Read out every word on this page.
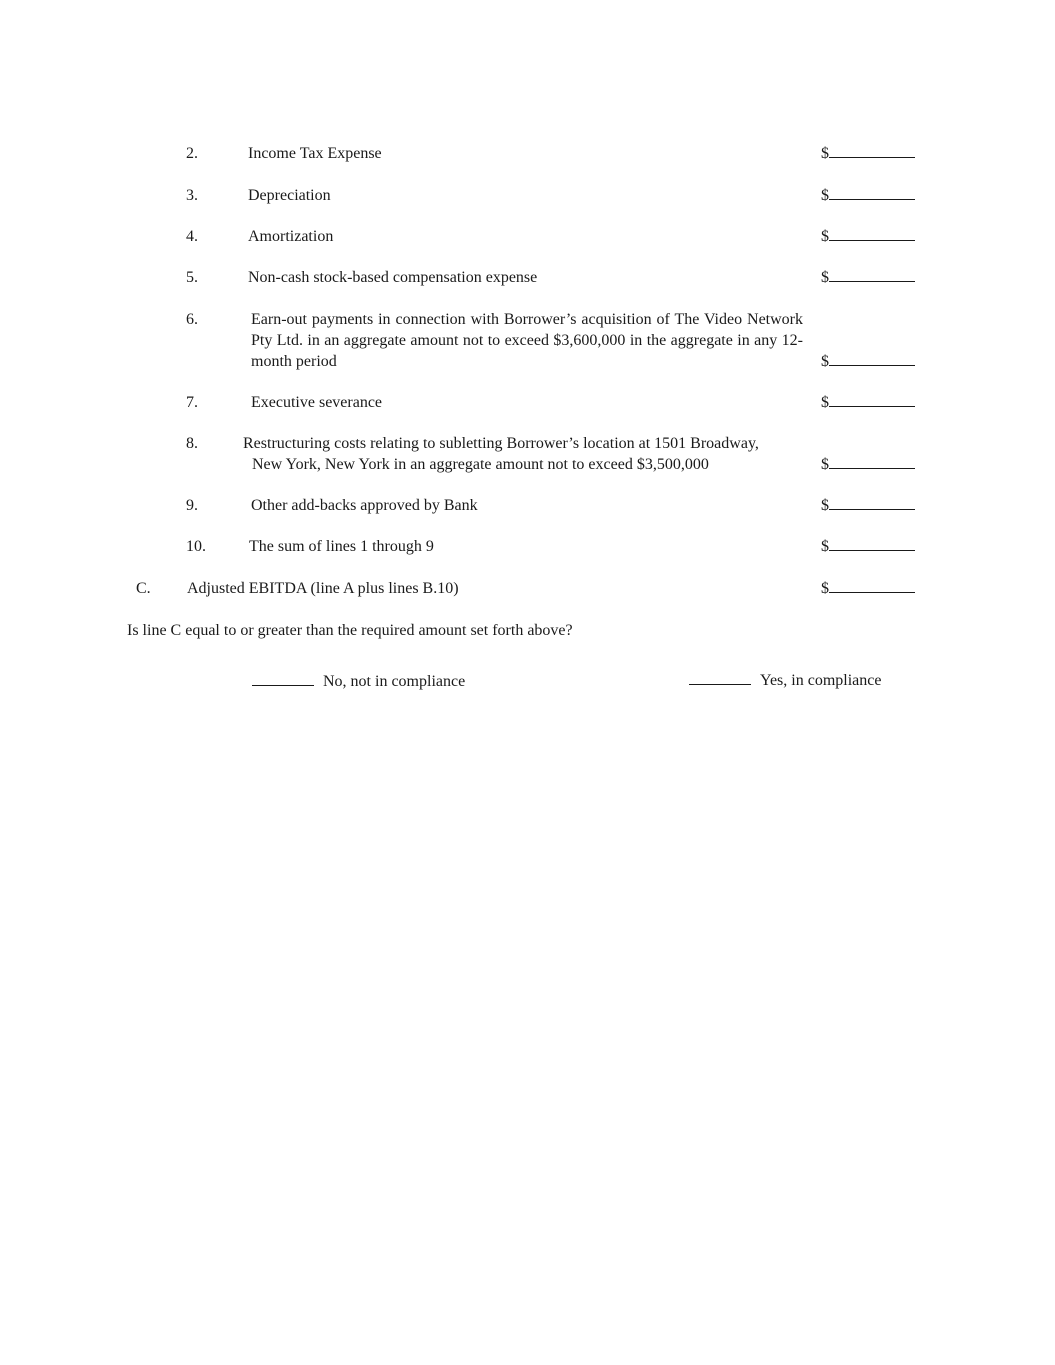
2.	Income Tax Expense	$
3.	Depreciation	$
4.	Amortization	$
5.	Non-cash stock-based compensation expense	$
6.	Earn-out payments in connection with Borrower’s acquisition of The Video Network Pty Ltd. in an aggregate amount not to exceed $3,600,000 in the aggregate in any 12-month period	$
7.	Executive severance	$
8.	Restructuring costs relating to subletting Borrower’s location at 1501 Broadway,
New York, New York in an aggregate amount not to exceed $3,500,000	$
9.	Other add-backs approved by Bank	$
10.	The sum of lines 1 through 9	$
C. Adjusted EBITDA (line A plus lines B.10)	$
Is line C equal to or greater than the required amount set forth above?
No, not in compliance	Yes, in compliance
